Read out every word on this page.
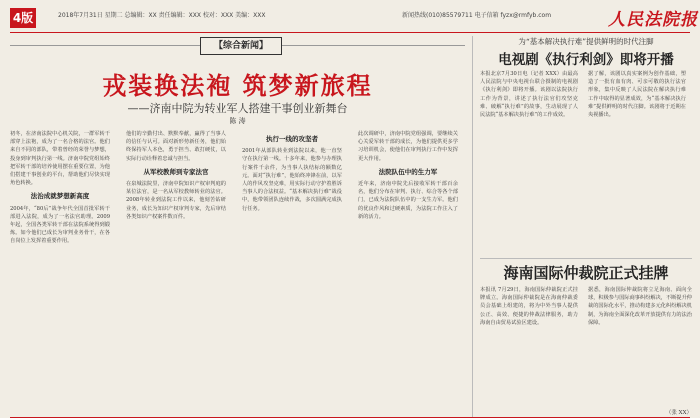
4版	2018年7月31日 星期二 总编辑：XX 责任编辑：XXX 校对：XXX 美编：XXX	新闻热线(010)85579711 电子信箱 fyzx@rmfyb.com	人民法院报
【综合新闻】
戎装换法袍 筑梦新旅程
——济南中院为转业军人搭建干事创业新舞台
陈 涛
初冬，在济南法院中心机关院，一群军转干部穿上法袍，成为了一名合格的法官。他们来自不同的部队，带着曾经的荣誉与梦想，投身到审判执行第一线。济南中院党组始终把军转干部的培养使用摆在重要位置，为他们搭建干事创业的平台，帮助他们尽快实现角色转换。
法治成就梦想新高度
2004年，“80后”战争年代全国首批军转干部进入法院，成为了一名法官助理。2009年起，全国各类军转干部在法院系统得到锻炼。如今他们已成长为审判业务骨干，在各自岗位上发挥着重要作用。
他们的辛勤付出、默默奉献，赢得了当事人的信任与认可。面对新形势新任务，他们始终保持军人本色，勇于担当、敢打硬仗，以实际行动诠释着忠诚与担当。
从军校教师到专家法官
在泉城法院里，济南中院知识产权审判庭的某位法官，是一名从军校教师转业的法官。2008年转业到法院工作以来，他刻苦钻研业务，成长为知识产权审判专家，先后审结各类知识产权案件数百件。
执行一线的攻坚者
2001年从部队转业到法院以来，他一直坚守在执行第一线。十多年来，他参与办理执行案件千余件，为当事人执结标的额数亿元。面对“执行难”，他始终冲锋在前，以军人的作风攻坚克难，用实际行动守护着胜诉当事人的合法权益。“基本解决执行难”战役中，他带领团队连续作战，多次圆满完成执行任务。
此次调研中，济南中院党组强调，要继续关心关爱军转干部的成长，为他们提供更多学习培训机会，使他们在审判执行工作中发挥更大作用。
法院队伍中的生力军
近年来，济南中院先后接收军转干部百余名，他们分布在审判、执行、综合等各个部门，已成为法院队伍中的一支生力军。他们的优良作风和过硬素质，为法院工作注入了新的活力。
为“基本解决执行难”提供鲜明的时代注脚
电视剧《执行利剑》即将开播
本报北京7月30日电（记者 XXX）由最高人民法院与中央电视台联合摄制的电视剧《执行利剑》即将开播。该剧以法院执行工作为背景，讲述了执行法官们攻坚克难、破解“执行难”的故事，生动展现了人民法院“基本解决执行难”的工作成效。
据了解，该剧以真实案例为创作基础，塑造了一批有血有肉、可亲可敬的执行法官形象，集中反映了人民法院在解决执行难工作中取得的显著成效，为“基本解决执行难”提供鲜明的时代注脚。该剧将于近期在央视播出。
海南国际仲裁院正式挂牌
本报讯 7月29日，海南国际仲裁院正式挂牌成立。海南国际仲裁院是在海南仲裁委员会基础上组建的，将为中外当事人提供公正、高效、便捷的仲裁法律服务，助力海南自由贸易试验区建设。
据悉，海南国际仲裁院将立足海南、面向全球，积极参与国际商事纠纷解决，不断提升仲裁的国际化水平，推动构建多元化纠纷解决机制，为海南全面深化改革开放提供有力的法治保障。
（张 XX）
